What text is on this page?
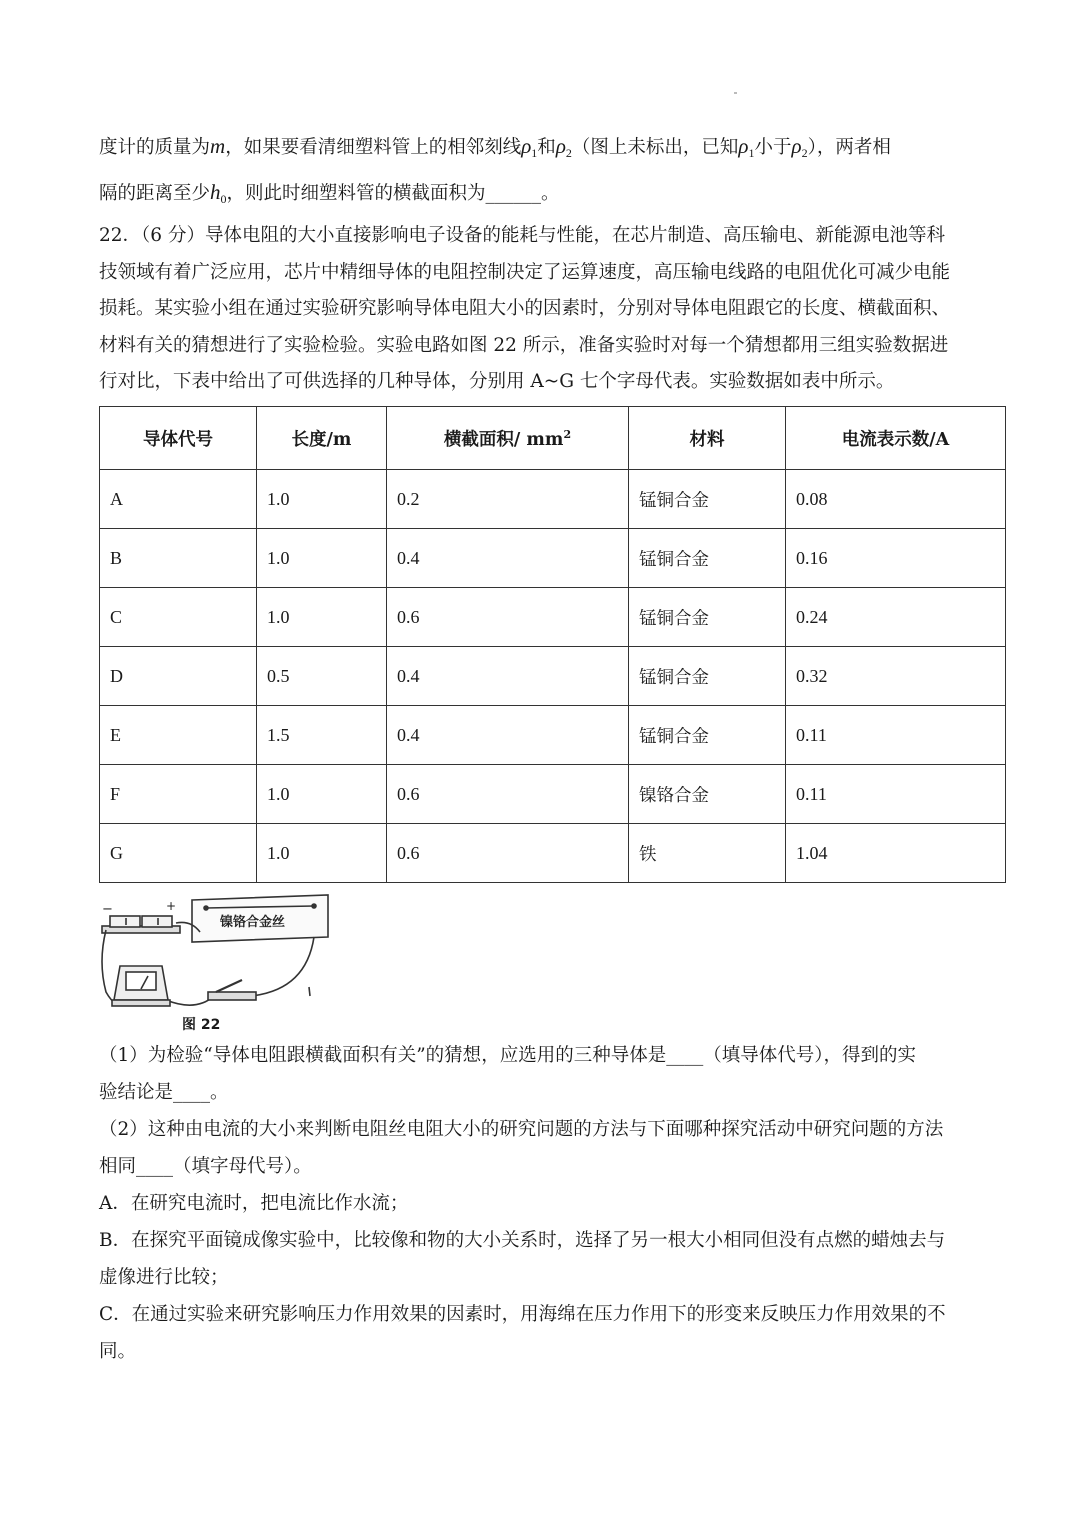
度计的质量为m，如果要看清细塑料管上的相邻刻线$\rho_1$和$\rho_2$（图上未标出，已知$\rho_1$小于$\rho_2$），两者相
隔的距离至少$h_0$，则此时细塑料管的横截面积为______。
22．（6 分）导体电阻的大小直接影响电子设备的能耗与性能，在芯片制造、高压输电、新能源电池等科
技领域有着广泛应用，芯片中精细导体的电阻控制决定了运算速度，高压输电线路的电阻优化可减少电能
损耗。某实验小组在通过实验研究影响导体电阻大小的因素时，分别对导体电阻跟它的长度、横截面积、
材料有关的猜想进行了实验检验。实验电路如图 22 所示，准备实验时对每一个猜想都用三组实验数据进
行对比，下表中给出了可供选择的几种导体，分别用 A~G 七个字母代表。实验数据如表中所示。
导体代号	长度/m	横截面积/ $mm^2$	材料	电流表示数/A
A	1.0	0.2	锰铜合金	0.08
B	1.0	0.4	锰铜合金	0.16
C	1.0	0.6	锰铜合金	0.24
D	0.5	0.4	锰铜合金	0.32
E	1.5	0.4	锰铜合金	0.11
F	1.0	0.6	镍铬合金	0.11
G	1.0	0.6	铁	1.04
−	+
镍铬合金丝
图 22
（1）为检验“导体电阻跟横截面积有关”的猜想，应选用的三种导体是____（填导体代号），得到的实
验结论是____。
（2）这种由电流的大小来判断电阻丝电阻大小的研究问题的方法与下面哪种探究活动中研究问题的方法
相同____（填字母代号）。
A．在研究电流时，把电流比作水流；
B．在探究平面镜成像实验中，比较像和物的大小关系时，选择了另一根大小相同但没有点燃的蜡烛去与
虚像进行比较；
C．在通过实验来研究影响压力作用效果的因素时，用海绵在压力作用下的形变来反映压力作用效果的不
同。
